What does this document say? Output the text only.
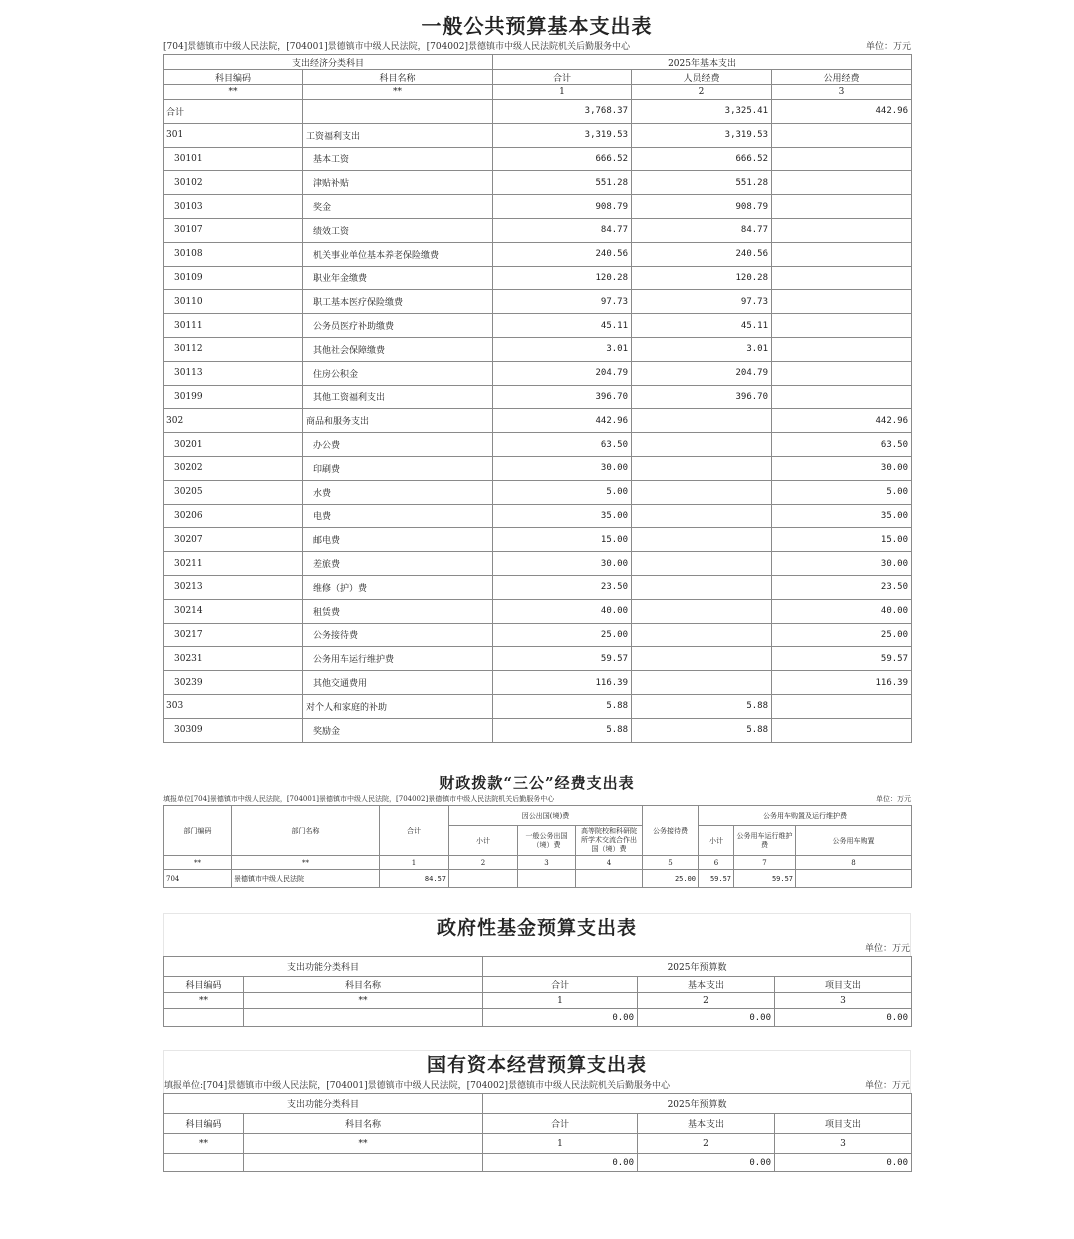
一般公共预算基本支出表
[704]景德镇市中级人民法院，[704001]景德镇市中级人民法院，[704002]景德镇市中级人民法院机关后勤服务中心	单位：万元
支出经济分类科目		2025年基本支出		
科目编码	科目名称	合计	人员经费	公用经费
**	**	1	2	3
合计		3,768.37	3,325.41	442.96
301	工资福利支出	3,319.53	3,319.53	
30101	基本工资	666.52	666.52	
30102	津贴补贴	551.28	551.28	
30103	奖金	908.79	908.79	
30107	绩效工资	84.77	84.77	
30108	机关事业单位基本养老保险缴费	240.56	240.56	
30109	职业年金缴费	120.28	120.28	
30110	职工基本医疗保险缴费	97.73	97.73	
30111	公务员医疗补助缴费	45.11	45.11	
30112	其他社会保障缴费	3.01	3.01	
30113	住房公积金	204.79	204.79	
30199	其他工资福利支出	396.70	396.70	
302	商品和服务支出	442.96		442.96
30201	办公费	63.50		63.50
30202	印刷费	30.00		30.00
30205	水费	5.00		5.00
30206	电费	35.00		35.00
30207	邮电费	15.00		15.00
30211	差旅费	30.00		30.00
30213	维修（护）费	23.50		23.50
30214	租赁费	40.00		40.00
30217	公务接待费	25.00		25.00
30231	公务用车运行维护费	59.57		59.57
30239	其他交通费用	116.39		116.39
303	对个人和家庭的补助	5.88	5.88	
30309	奖励金	5.88	5.88	
财政拨款“三公”经费支出表
填报单位[704]景德镇市中级人民法院，[704001]景德镇市中级人民法院，[704002]景德镇市中级人民法院机关后勤服务中心	单位：万元
部门编码	部门名称	合计	因公出国(境)费			公务接待费	公务用车购置及运行维护费		
			小计	一般公务出国（境）费	高等院校和科研院所学术交流合作出国（境）费		小计	公务用车运行维护费	公务用车购置
**	**	1	2	3	4	5	6	7	8
704	景德镇市中级人民法院	84.57				25.00	59.57	59.57	
政府性基金预算支出表
单位：万元
支出功能分类科目		2025年预算数		
科目编码	科目名称	合计	基本支出	项目支出
**	**	1	2	3
		0.00	0.00	0.00
国有资本经营预算支出表
填报单位:[704]景德镇市中级人民法院，[704001]景德镇市中级人民法院，[704002]景德镇市中级人民法院机关后勤服务中心	单位：万元
支出功能分类科目		2025年预算数		
科目编码	科目名称	合计	基本支出	项目支出
**	**	1	2	3
		0.00	0.00	0.00
